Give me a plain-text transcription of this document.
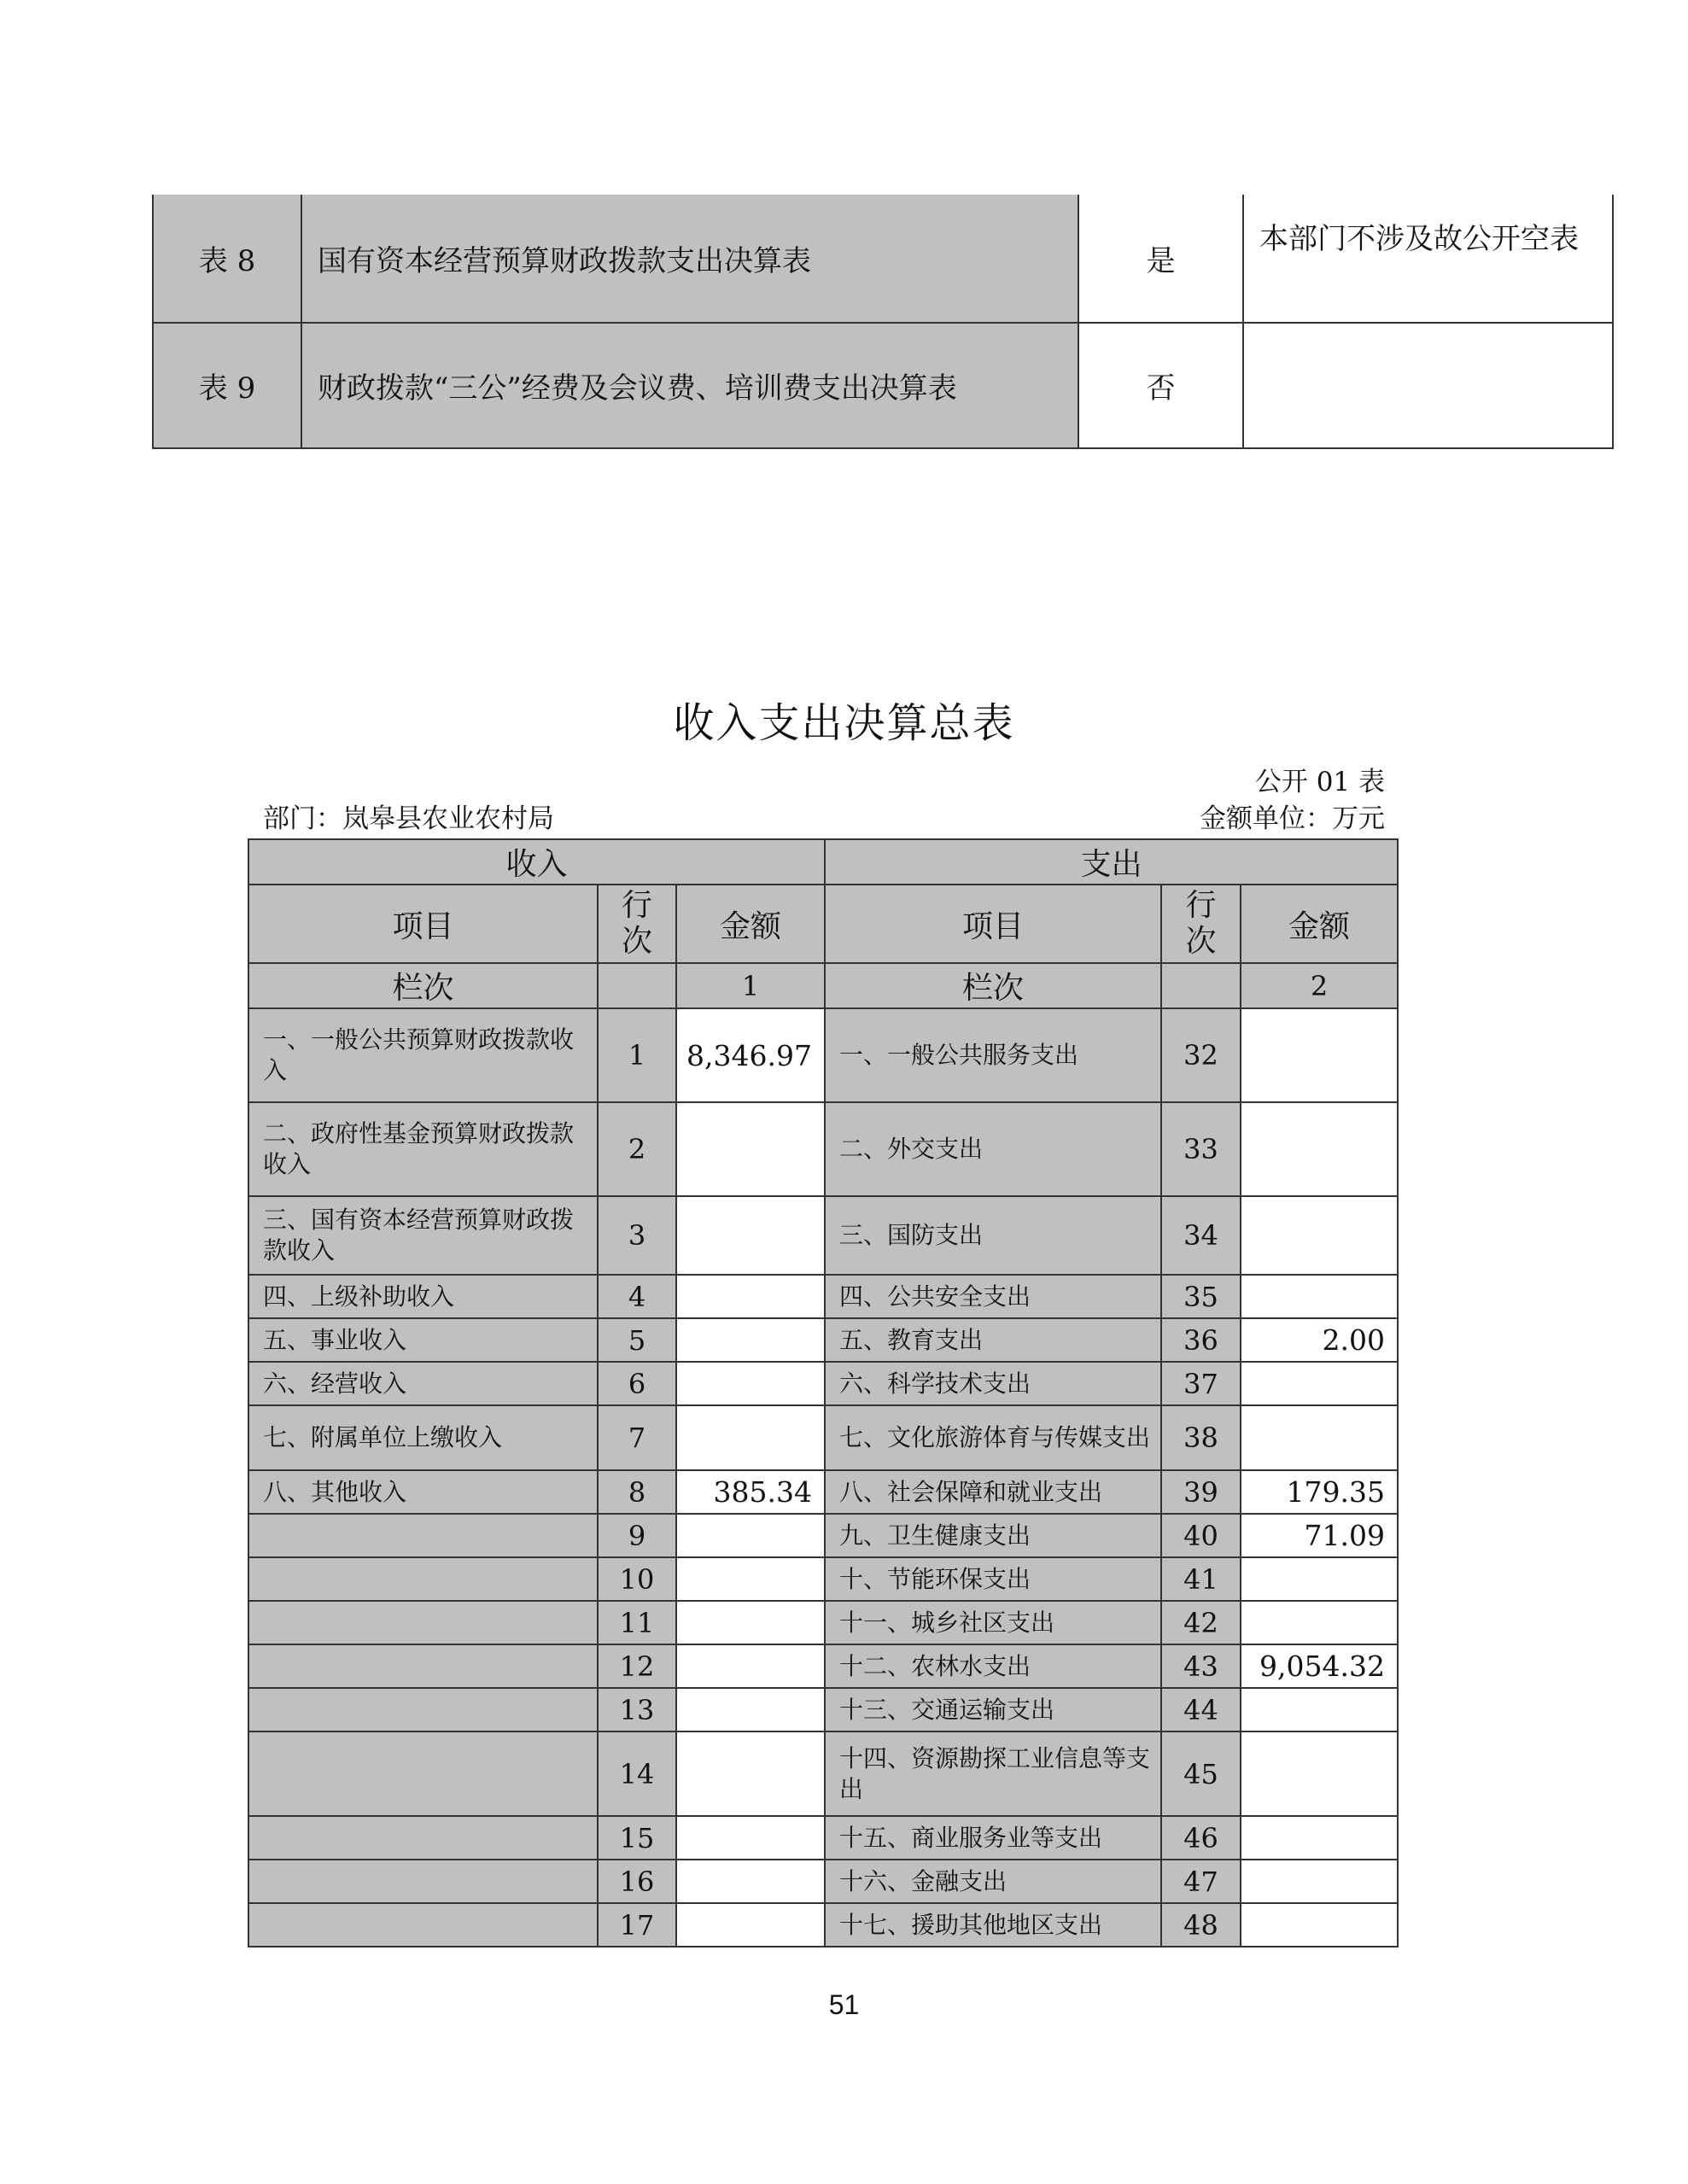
表 8	国有资本经营预算财政拨款支出决算表	是	本部门不涉及故公开空表
表 9	财政拨款“三公”经费及会议费、培训费支出决算表	否	
收入支出决算总表
公开 01 表
部门：岚皋县农业农村局	金额单位：万元
收入			支出		
项目	行次	金额	项目	行次	金额
栏次		1	栏次		2
一、一般公共预算财政拨款收入	1	8,346.97	一、一般公共服务支出	32	
二、政府性基金预算财政拨款收入	2		二、外交支出	33	
三、国有资本经营预算财政拨款收入	3		三、国防支出	34	
四、上级补助收入	4		四、公共安全支出	35	
五、事业收入	5		五、教育支出	36	2.00
六、经营收入	6		六、科学技术支出	37	
七、附属单位上缴收入	7		七、文化旅游体育与传媒支出	38	
八、其他收入	8	385.34	八、社会保障和就业支出	39	179.35
	9		九、卫生健康支出	40	71.09
	10		十、节能环保支出	41	
	11		十一、城乡社区支出	42	
	12		十二、农林水支出	43	9,054.32
	13		十三、交通运输支出	44	
	14		十四、资源勘探工业信息等支出	45	
	15		十五、商业服务业等支出	46	
	16		十六、金融支出	47	
	17		十七、援助其他地区支出	48	
51
